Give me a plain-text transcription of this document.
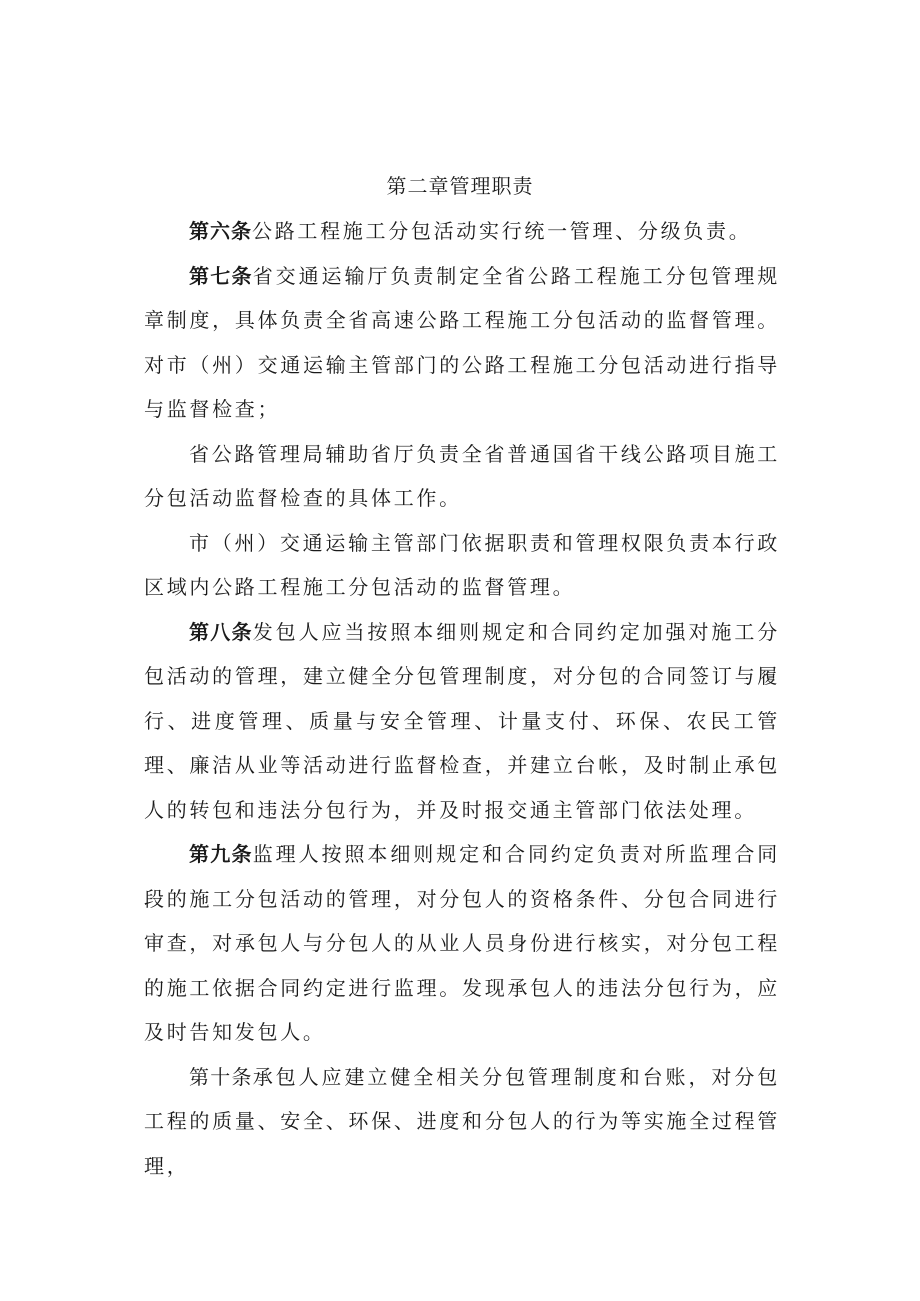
第二章管理职责

第六条公路工程施工分包活动实行统一管理、分级负责。

第七条省交通运输厅负责制定全省公路工程施工分包管理规章制度，具体负责全省高速公路工程施工分包活动的监督管理。对市（州）交通运输主管部门的公路工程施工分包活动进行指导与监督检查；

省公路管理局辅助省厅负责全省普通国省干线公路项目施工分包活动监督检查的具体工作。

市（州）交通运输主管部门依据职责和管理权限负责本行政区域内公路工程施工分包活动的监督管理。

第八条发包人应当按照本细则规定和合同约定加强对施工分包活动的管理，建立健全分包管理制度，对分包的合同签订与履行、进度管理、质量与安全管理、计量支付、环保、农民工管理、廉洁从业等活动进行监督检查，并建立台帐，及时制止承包人的转包和违法分包行为，并及时报交通主管部门依法处理。

第九条监理人按照本细则规定和合同约定负责对所监理合同段的施工分包活动的管理，对分包人的资格条件、分包合同进行审查，对承包人与分包人的从业人员身份进行核实，对分包工程的施工依据合同约定进行监理。发现承包人的违法分包行为，应及时告知发包人。

第十条承包人应建立健全相关分包管理制度和台账，对分包工程的质量、安全、环保、进度和分包人的行为等实施全过程管理，
